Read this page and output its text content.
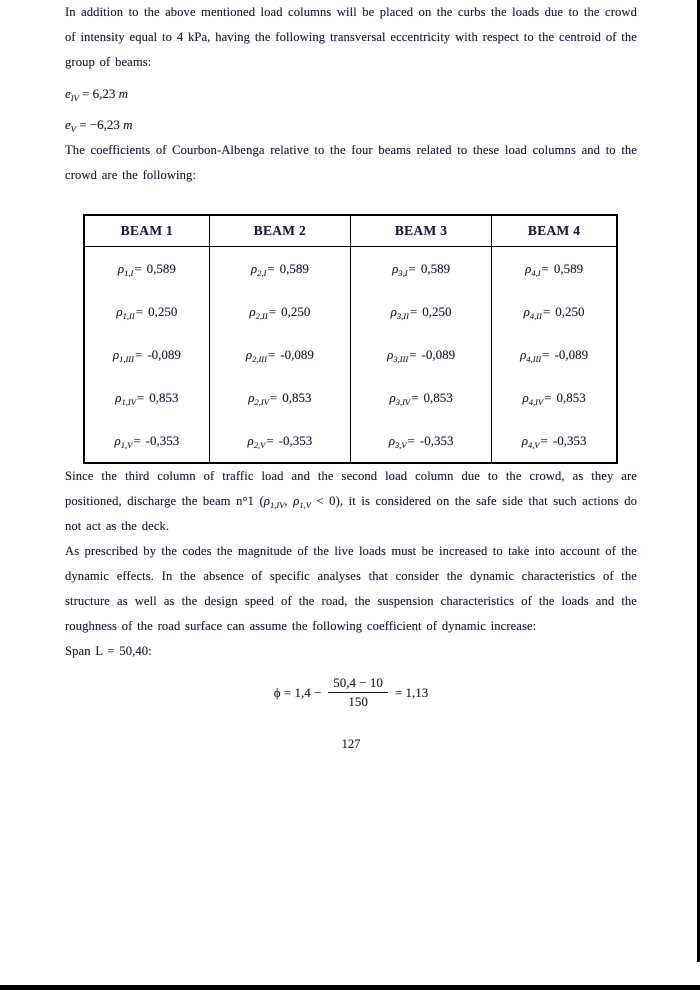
In addition to the above mentioned load columns will be placed on the curbs the loads due to the crowd of intensity equal to 4 kPa, having the following transversal eccentricity with respect to the centroid of the group of beams:

$e_{IV} = 6,23$ m

$e_V = -6,23$ m

The coefficients of Courbon-Albenga relative to the four beams related to these load columns and to the crowd are the following:

BEAM 1	BEAM 2	BEAM 3	BEAM 4
$\rho_{1,I}= 0,589$	$\rho_{2,I}= 0,589$	$\rho_{3,I}= 0,589$	$\rho_{4,I}= 0,589$
$\rho_{1,II}= 0,250$	$\rho_{2,II}= 0,250$	$\rho_{3,II}= 0,250$	$\rho_{4,II}= 0,250$
$\rho_{1,III}= -0,089$	$\rho_{2,III}= -0,089$	$\rho_{3,III}= -0,089$	$\rho_{4,III}= -0,089$
$\rho_{1,IV}= 0,853$	$\rho_{2,IV}= 0,853$	$\rho_{3,IV}= 0,853$	$\rho_{4,IV}= 0,853$
$\rho_{1,V}= -0,353$	$\rho_{2,V}= -0,353$	$\rho_{3,V}= -0,353$	$\rho_{4,V}= -0,353$

Since the third column of traffic load and the second load column due to the crowd, as they are positioned, discharge the beam n°1 ($\rho_{1,IV}$, $\rho_{1,V} < 0$), it is considered on the safe side that such actions do not act as the deck.

As prescribed by the codes the magnitude of the live loads must be increased to take into account of the dynamic effects. In the absence of specific analyses that consider the dynamic characteristics of the structure as well as the design speed of the road, the suspension characteristics of the loads and the roughness of the road surface can assume the following coefficient of dynamic increase:

Span L = 50,40:

$\phi = 1,4 - \frac{50,4 - 10}{150} = 1,13$
127
